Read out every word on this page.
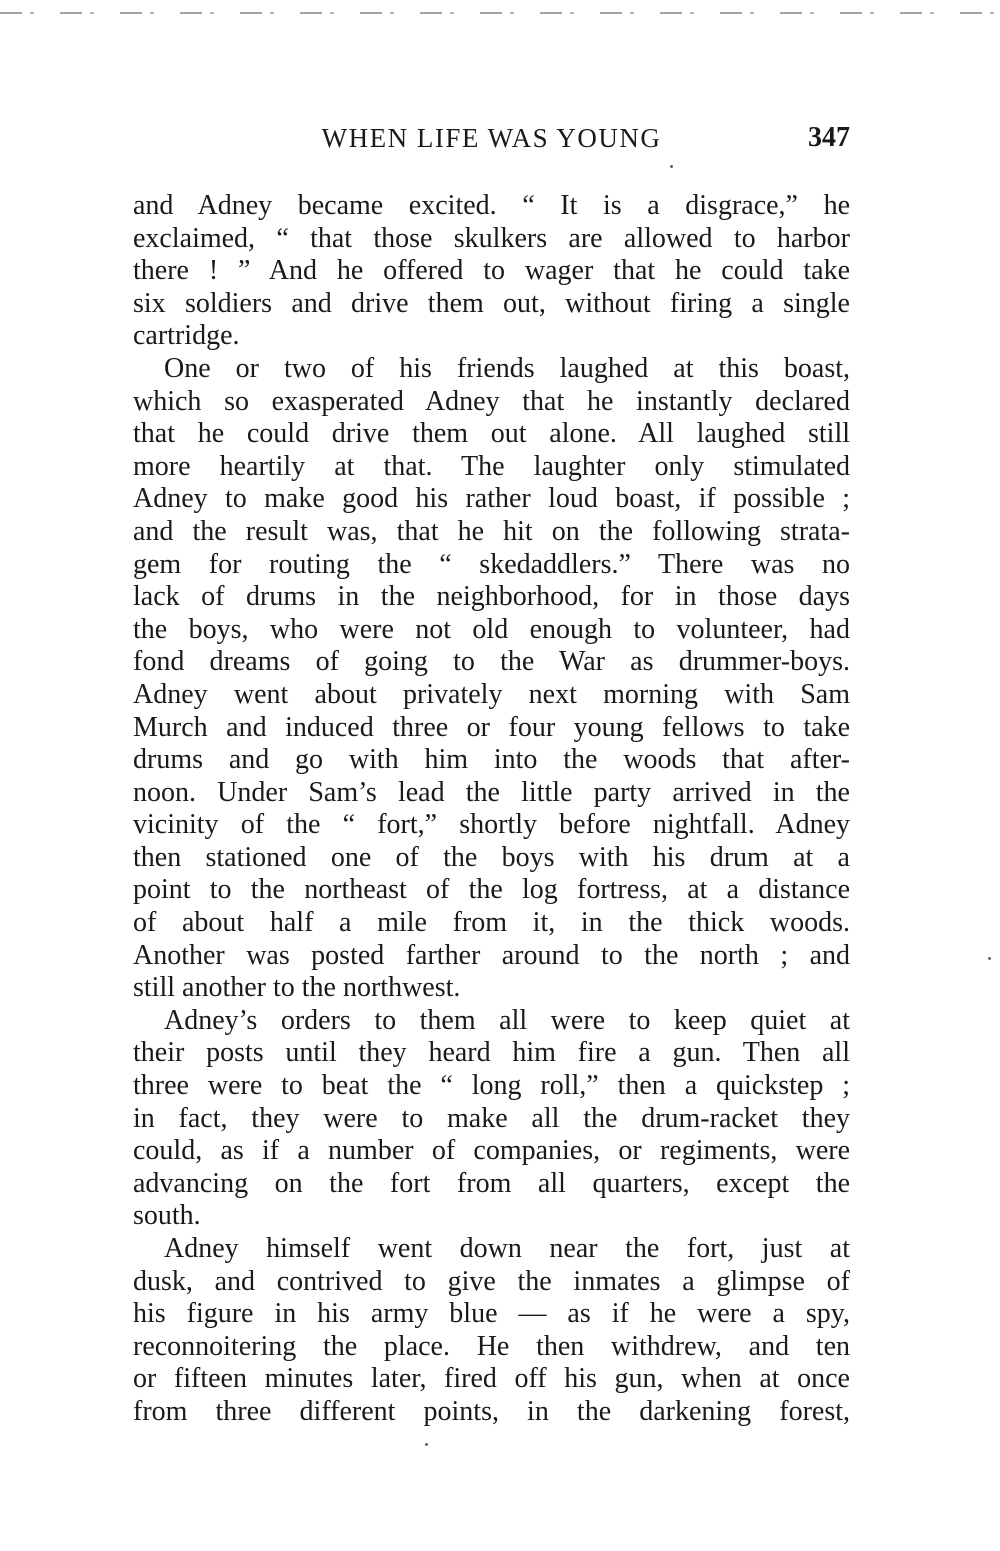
WHEN LIFE WAS YOUNG	347
and Adney became excited. “ It is a disgrace,” he
exclaimed, “ that those skulkers are allowed to harbor
there ! ” And he offered to wager that he could take
six soldiers and drive them out, without firing a single
cartridge.
One or two of his friends laughed at this boast,
which so exasperated Adney that he instantly declared
that he could drive them out alone. All laughed still
more heartily at that. The laughter only stimulated
Adney to make good his rather loud boast, if possible ;
and the result was, that he hit on the following strata-
gem for routing the “ skedaddlers.” There was no
lack of drums in the neighborhood, for in those days
the boys, who were not old enough to volunteer, had
fond dreams of going to the War as drummer-boys.
Adney went about privately next morning with Sam
Murch and induced three or four young fellows to take
drums and go with him into the woods that after-
noon. Under Sam’s lead the little party arrived in the
vicinity of the “ fort,” shortly before nightfall. Adney
then stationed one of the boys with his drum at a
point to the northeast of the log fortress, at a distance
of about half a mile from it, in the thick woods.
Another was posted farther around to the north ; and
still another to the northwest.
Adney’s orders to them all were to keep quiet at
their posts until they heard him fire a gun. Then all
three were to beat the “ long roll,” then a quickstep ;
in fact, they were to make all the drum-racket they
could, as if a number of companies, or regiments, were
advancing on the fort from all quarters, except the
south.
Adney himself went down near the fort, just at
dusk, and contrived to give the inmates a glimpse of
his figure in his army blue — as if he were a spy,
reconnoitering the place. He then withdrew, and ten
or fifteen minutes later, fired off his gun, when at once
from three different points, in the darkening forest,
